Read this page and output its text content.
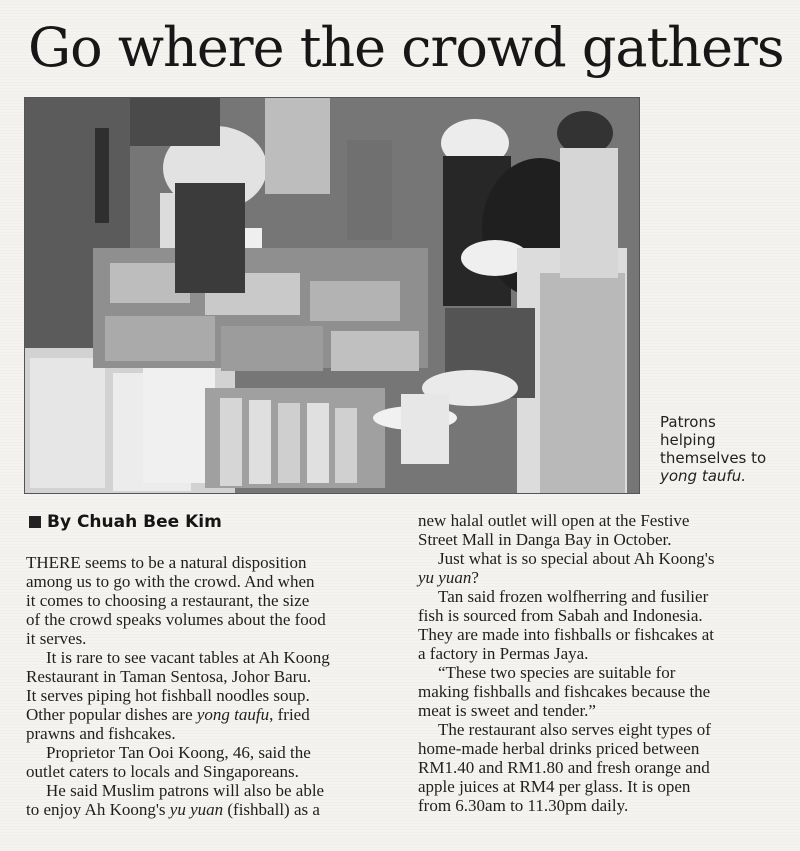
Go where the crowd gathers
Patrons
helping
themselves to
yong taufu.
By Chuah Bee Kim
THERE seems to be a natural disposition
among us to go with the crowd. And when
it comes to choosing a restaurant, the size
of the crowd speaks volumes about the food
it serves.
It is rare to see vacant tables at Ah Koong
Restaurant in Taman Sentosa, Johor Baru.
It serves piping hot fishball noodles soup.
Other popular dishes are yong taufu, fried
prawns and fishcakes.
Proprietor Tan Ooi Koong, 46, said the
outlet caters to locals and Singaporeans.
He said Muslim patrons will also be able
to enjoy Ah Koong's yu yuan (fishball) as a
new halal outlet will open at the Festive
Street Mall in Danga Bay in October.
Just what is so special about Ah Koong's
yu yuan?
Tan said frozen wolfherring and fusilier
fish is sourced from Sabah and Indonesia.
They are made into fishballs or fishcakes at
a factory in Permas Jaya.
“These two species are suitable for
making fishballs and fishcakes because the
meat is sweet and tender.”
The restaurant also serves eight types of
home-made herbal drinks priced between
RM1.40 and RM1.80 and fresh orange and
apple juices at RM4 per glass. It is open
from 6.30am to 11.30pm daily.
